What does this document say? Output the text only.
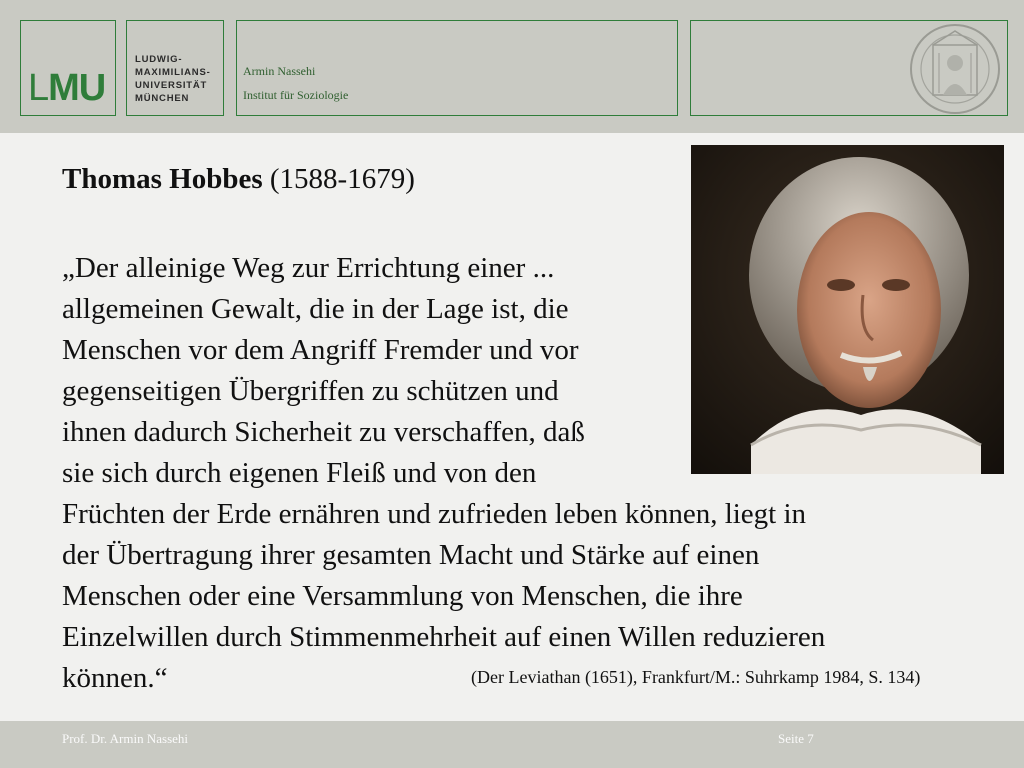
LMU
LUDWIG-
MAXIMILIANS-
UNIVERSITÄT
MÜNCHEN
Armin Nassehi
Institut für Soziologie
Thomas Hobbes (1588-1679)
„Der alleinige Weg zur Errichtung einer ...
allgemeinen Gewalt, die in der Lage ist, die
Menschen vor dem Angriff Fremder und vor
gegenseitigen Übergriffen zu schützen und
ihnen dadurch Sicherheit zu verschaffen, daß
sie sich durch eigenen Fleiß und von den
Früchten der Erde ernähren und zufrieden leben können, liegt in
der Übertragung ihrer gesamten Macht und Stärke auf einen
Menschen oder eine Versammlung von Menschen, die ihre
Einzelwillen durch Stimmenmehrheit auf einen Willen reduzieren
können.“	(Der Leviathan (1651), Frankfurt/M.: Suhrkamp 1984, S. 134)
Prof. Dr. Armin Nassehi	Seite 7
